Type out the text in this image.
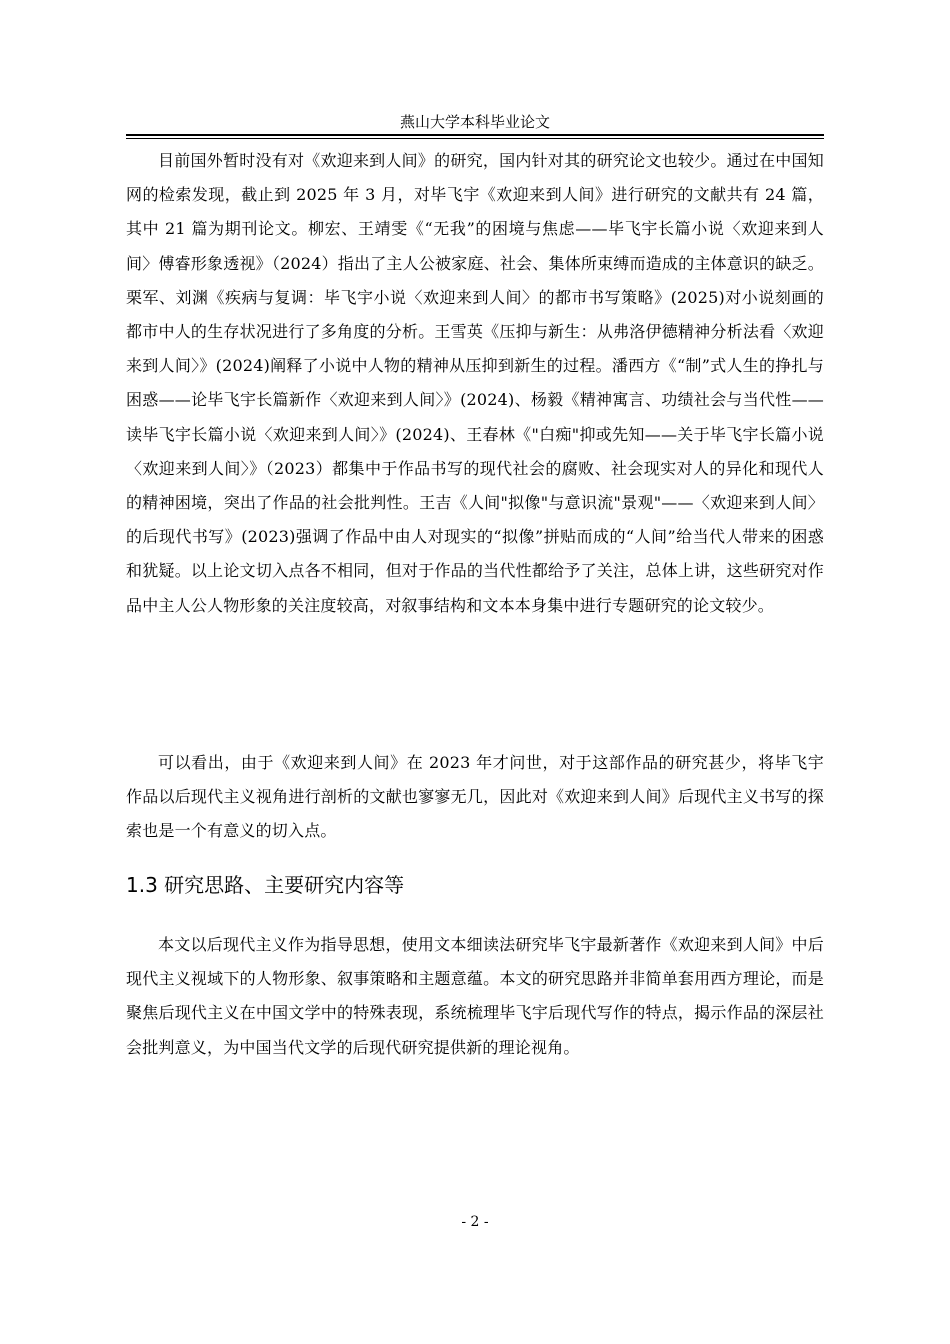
燕山大学本科毕业论文

目前国外暂时没有对《欢迎来到人间》的研究，国内针对其的研究论文也较少。通过在中国知网的检索发现，截止到 2025 年 3 月，对毕飞宇《欢迎来到人间》进行研究的文献共有 24 篇，其中 21 篇为期刊论文。柳宏、王靖雯《“无我”的困境与焦虑——毕飞宇长篇小说〈欢迎来到人间〉傅睿形象透视》（2024）指出了主人公被家庭、社会、集体所束缚而造成的主体意识的缺乏。栗军、刘渊《疾病与复调：毕飞宇小说〈欢迎来到人间〉的都市书写策略》(2025)对小说刻画的都市中人的生存状况进行了多角度的分析。王雪英《压抑与新生：从弗洛伊德精神分析法看〈欢迎来到人间〉》(2024)阐释了小说中人物的精神从压抑到新生的过程。潘西方《“制”式人生的挣扎与困惑——论毕飞宇长篇新作〈欢迎来到人间〉》(2024)、杨毅《精神寓言、功绩社会与当代性——读毕飞宇长篇小说〈欢迎来到人间〉》(2024)、王春林《"白痴"抑或先知——关于毕飞宇长篇小说〈欢迎来到人间〉》（2023）都集中于作品书写的现代社会的腐败、社会现实对人的异化和现代人的精神困境，突出了作品的社会批判性。王吉《人间"拟像"与意识流"景观"——〈欢迎来到人间〉的后现代书写》(2023)强调了作品中由人对现实的“拟像”拼贴而成的“人间”给当代人带来的困惑和犹疑。以上论文切入点各不相同，但对于作品的当代性都给予了关注，总体上讲，这些研究对作品中主人公人物形象的关注度较高，对叙事结构和文本本身集中进行专题研究的论文较少。

可以看出，由于《欢迎来到人间》在 2023 年才问世，对于这部作品的研究甚少，将毕飞宇作品以后现代主义视角进行剖析的文献也寥寥无几，因此对《欢迎来到人间》后现代主义书写的探索也是一个有意义的切入点。

1.3 研究思路、主要研究内容等

本文以后现代主义作为指导思想，使用文本细读法研究毕飞宇最新著作《欢迎来到人间》中后现代主义视域下的人物形象、叙事策略和主题意蕴。本文的研究思路并非简单套用西方理论，而是聚焦后现代主义在中国文学中的特殊表现，系统梳理毕飞宇后现代写作的特点，揭示作品的深层社会批判意义，为中国当代文学的后现代研究提供新的理论视角。

- 2 -
